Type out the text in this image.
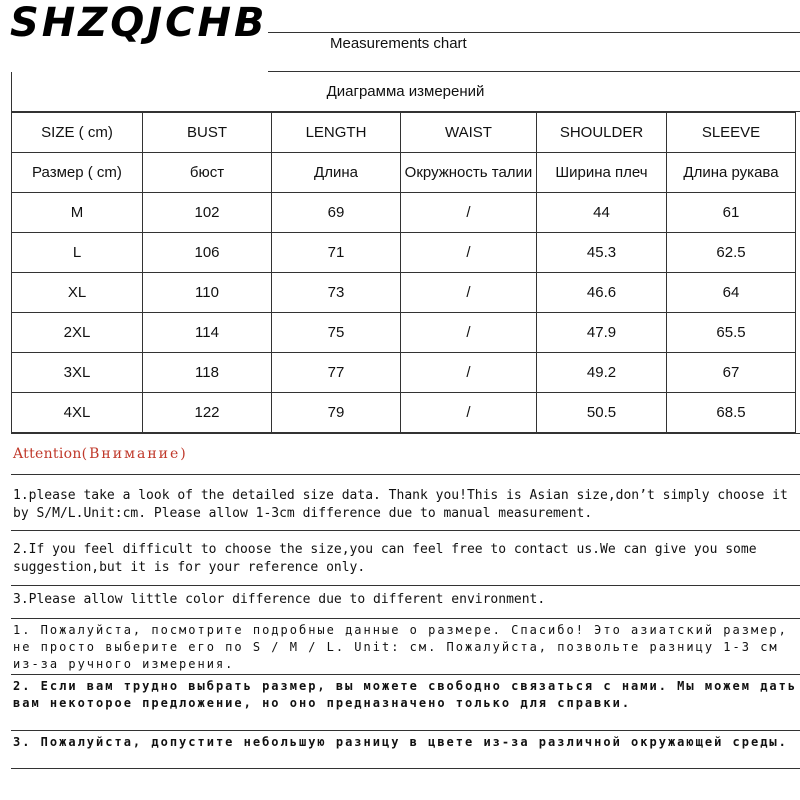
SHZQJCHB	Measurements chart
Диаграмма измерений
SIZE ( cm)	BUST	LENGTH	WAIST	SHOULDER	SLEEVE
Размер ( cm)	бюст	Длина	Окружность талии	Ширина плеч	Длина рукава
M	102	69	/	44	61
L	106	71	/	45.3	62.5
XL	110	73	/	46.6	64
2XL	114	75	/	47.9	65.5
3XL	118	77	/	49.2	67
4XL	122	79	/	50.5	68.5
Attention(Внимание)
1.please take a look of the detailed size data. Thank you!This is Asian size,don’t simply choose it by S/M/L.Unit:cm. Please allow 1-3cm difference due to manual measurement.
2.If you feel difficult to choose the size,you can feel free to contact us.We can give you some suggestion,but it is for your reference only.
3.Please allow little color difference due to different environment.
1. Пожалуйста, посмотрите подробные данные о размере. Спасибо! Это азиатский размер, не просто выберите его по S / M / L. Unit: см. Пожалуйста, позвольте разницу 1-3 см из-за ручного измерения.
2. Если вам трудно выбрать размер, вы можете свободно связаться с нами. Мы можем дать вам некоторое предложение, но оно предназначено только для справки.
3. Пожалуйста, допустите небольшую разницу в цвете из-за различной окружающей среды.
